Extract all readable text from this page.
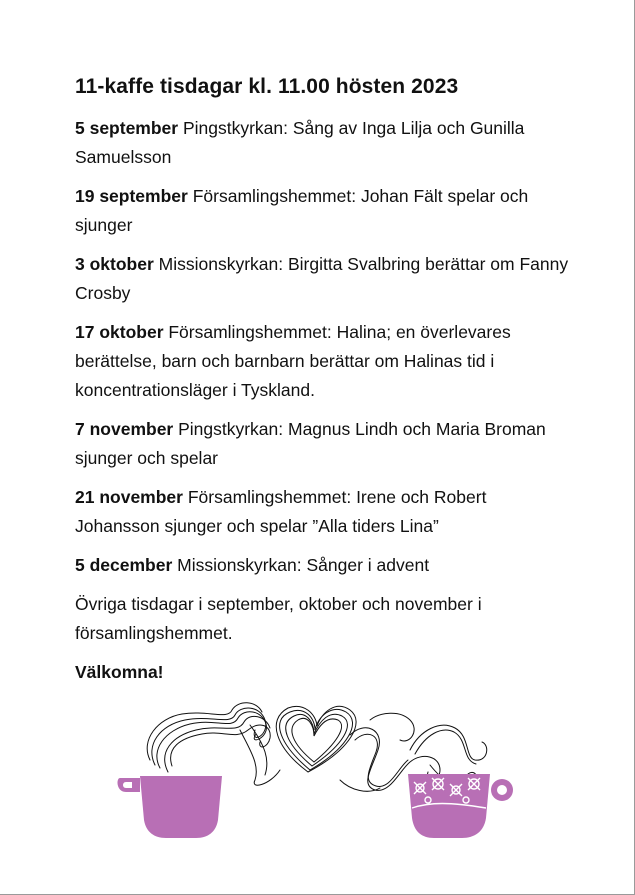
11-kaffe tisdagar kl. 11.00 hösten 2023

5 september Pingstkyrkan: Sång av Inga Lilja och Gunilla Samuelsson

19 september Församlingshemmet: Johan Fält spelar och sjunger

3 oktober Missionskyrkan: Birgitta Svalbring berättar om Fanny Crosby

17 oktober Församlingshemmet: Halina; en överlevares berättelse, barn och barnbarn berättar om Halinas tid i koncentrationsläger i Tyskland.

7 november Pingstkyrkan: Magnus Lindh och Maria Broman sjunger och spelar

21 november Församlingshemmet: Irene och Robert Johansson sjunger och spelar ”Alla tiders Lina”

5 december Missionskyrkan: Sånger i advent

Övriga tisdagar i september, oktober och november i församlingshemmet.

Välkomna!
